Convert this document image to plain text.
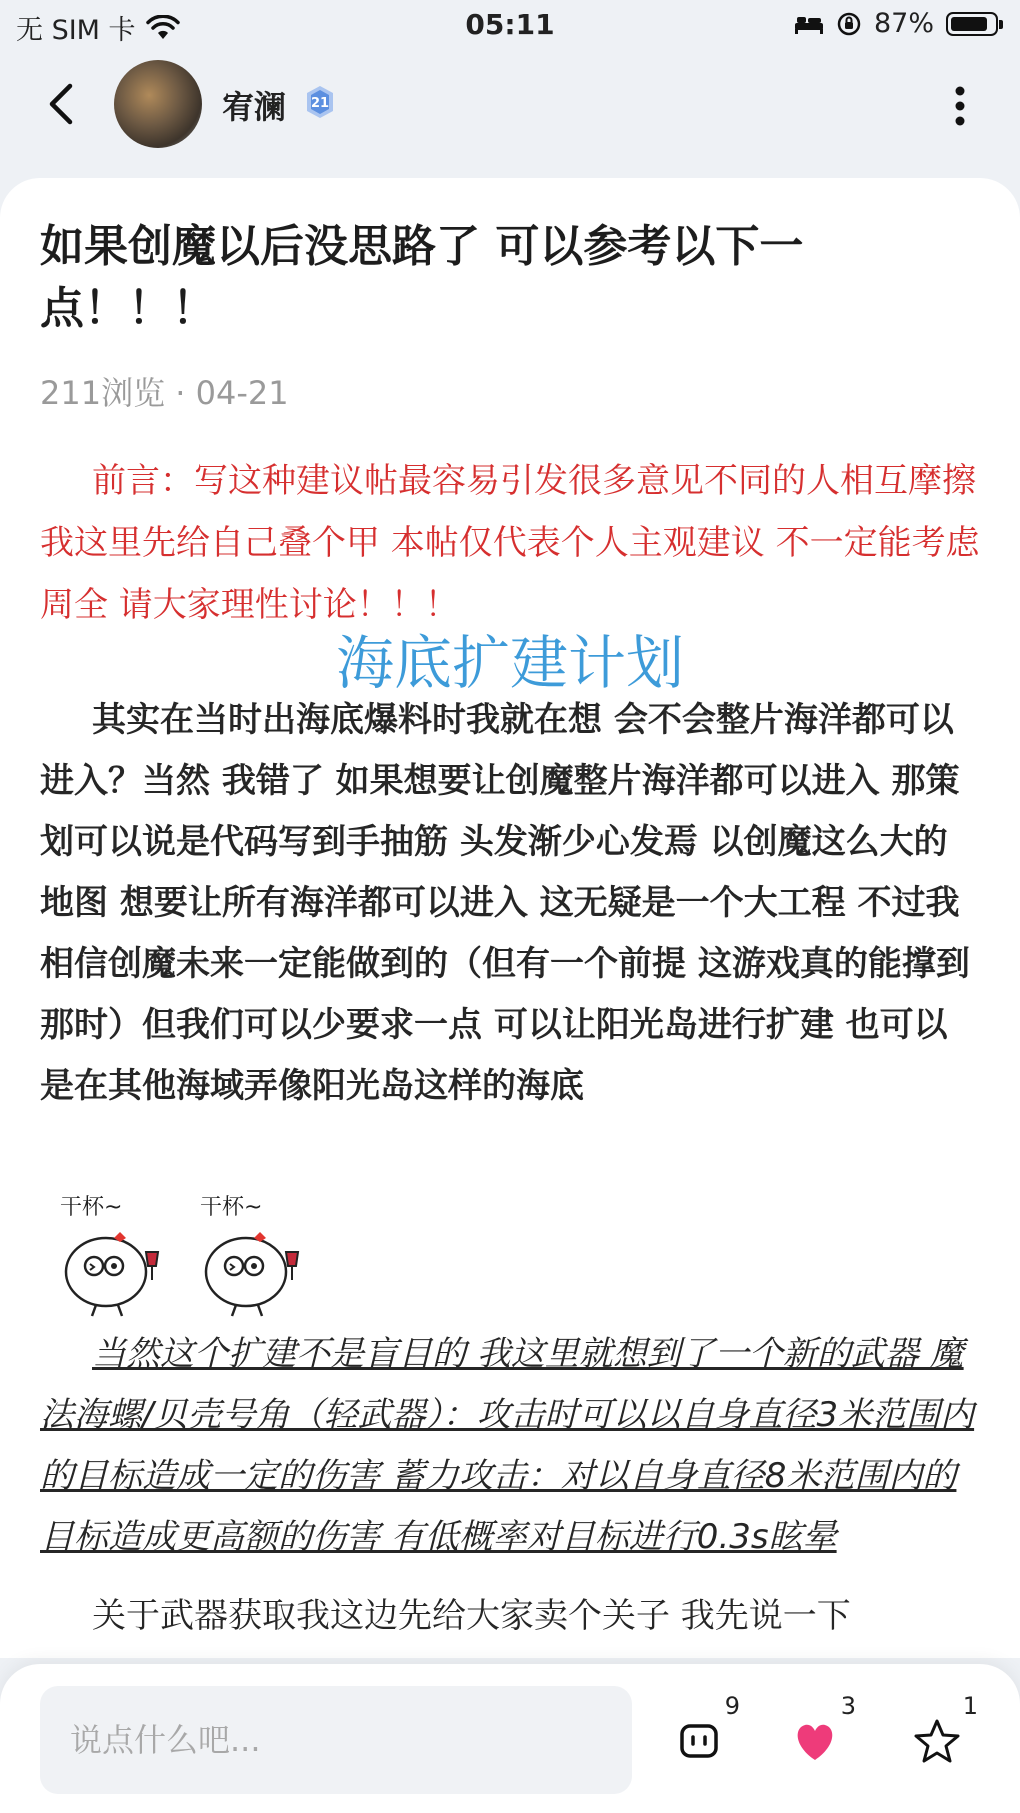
无 SIM 卡	05:11	87%
宥澜 21
如果创魔以后没思路了 可以参考以下一点！！！
211浏览 · 04-21
前言：写这种建议帖最容易引发很多意见不同的人相互摩擦 我这里先给自己叠个甲 本帖仅代表个人主观建议 不一定能考虑周全 请大家理性讨论！！！
海底扩建计划
其实在当时出海底爆料时我就在想 会不会整片海洋都可以进入？当然 我错了 如果想要让创魔整片海洋都可以进入 那策划可以说是代码写到手抽筋 头发渐少心发焉 以创魔这么大的地图 想要让所有海洋都可以进入 这无疑是一个大工程 不过我相信创魔未来一定能做到的（但有一个前提 这游戏真的能撑到那时）但我们可以少要求一点 可以让阳光岛进行扩建 也可以是在其他海域弄像阳光岛这样的海底
干杯~	干杯~
当然这个扩建不是盲目的 我这里就想到了一个新的武器 魔法海螺/贝壳号角（轻武器）：攻击时可以以自身直径3米范围内的目标造成一定的伤害 蓄力攻击：对以自身直径8米范围内的目标造成更高额的伤害 有低概率对目标进行0.3s眩晕
关于武器获取我这边先给大家卖个关子 我先说一下
说点什么吧...
9	3	1
